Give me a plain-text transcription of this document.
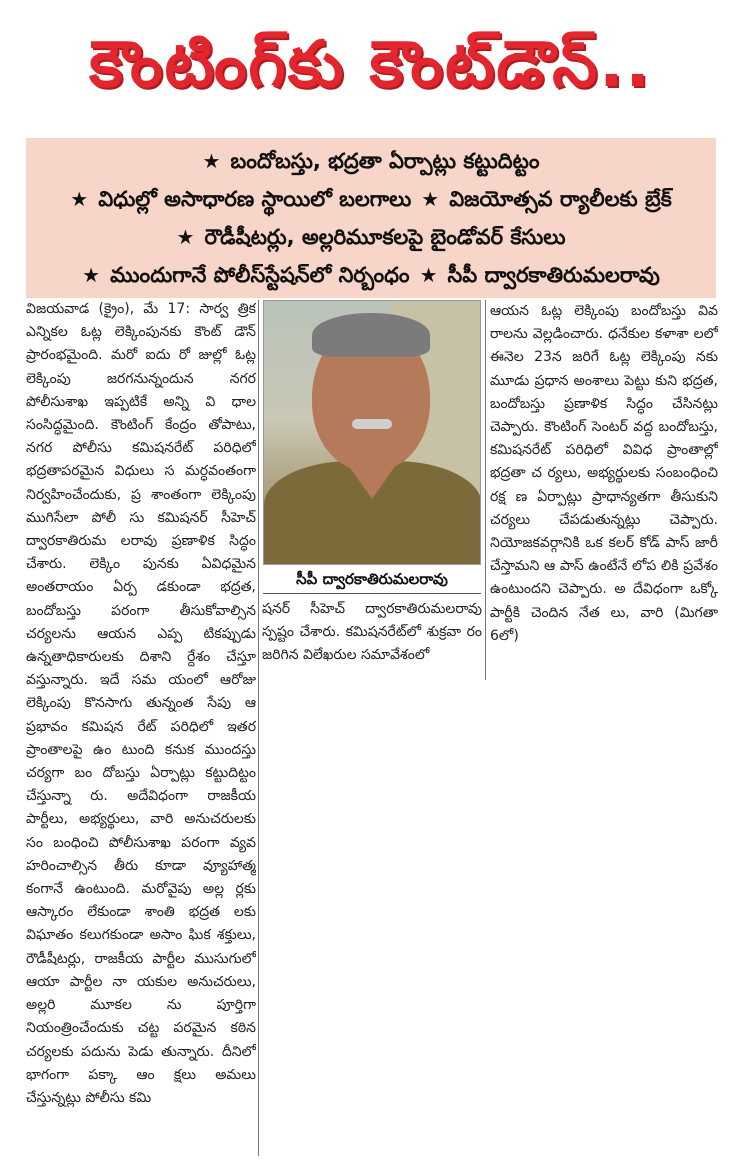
కౌంటింగ్‌కు కౌంట్‌డౌన్..
★ బందోబస్తు, భద్రతా ఏర్పాట్లు కట్టుదిట్టం
★ విధుల్లో అసాధారణ స్థాయిలో బలగాలు ★ విజయోత్సవ ర్యాలీలకు బ్రేక్
★ రౌడీషీటర్లు, అల్లరిమూకలపై బైండోవర్ కేసులు
★ ముందుగానే పోలీస్‌స్టేషన్‌లో నిర్బంధం ★ సీపీ ద్వారకాతిరుమలరావు
విజయవాడ (క్రైం), మే 17: సార్వ త్రిక ఎన్నికల ఓట్ల లెక్కింపునకు కౌంట్ డౌన్ ప్రారంభమైంది. మరో ఐదు రో జుల్లో ఓట్ల లెక్కింపు జరగనున్నందున నగర పోలీసుశాఖ ఇప్పటికే అన్ని వి ధాల సంసిద్ధమైంది. కౌంటింగ్ కేంద్రం తోపాటు, నగర పోలీసు కమిషనరేట్ పరిధిలో భద్రతాపరమైన విధులు స మర్ధవంతంగా నిర్వహించేందుకు, ప్ర శాంతంగా లెక్కింపు ముగిసేలా పోలీ సు కమిషనర్ సీహెచ్ ద్వారకాతిరుమ లరావు ప్రణాళిక సిద్ధం చేశారు. లెక్కిం పునకు ఏవిధమైన అంతరాయం ఏర్ప డకుండా భద్రత, బందోబస్తు పరంగా తీసుకోవాల్సిన చర్యలను ఆయన ఎప్ప టికప్పుడు ఉన్నతాధికారులకు దిశాని ర్దేశం చేస్తూ వస్తున్నారు. ఇదే సమ యంలో ఆరోజు లెక్కింపు కొనసాగు తున్నంత సేపు ఆ ప్రభావం కమిషన రేట్ పరిధిలో ఇతర ప్రాంతాలపై ఉం టుంది కనుక ముందస్తు చర్యగా బం దోబస్తు ఏర్పాట్లు కట్టుదిట్టం చేస్తున్నా రు. అదేవిధంగా రాజకీయ పార్టీలు, అభ్యర్థులు, వారి అనుచరులకు సం బంధించి పోలీసుశాఖ పరంగా వ్యవ హరించాల్సిన తీరు కూడా వ్యూహాత్మ కంగానే ఉంటుంది. మరోవైపు అల్ల ర్లకు ఆస్కారం లేకుండా శాంతి భద్రత లకు విఘాతం కలుగకుండా అసాం ఘిక శక్తులు, రౌడీషీటర్లు, రాజకీయ పార్టీల ముసుగులో ఆయా పార్టీల నా యకుల అనుచరులు, అల్లరి మూకల ను పూర్తిగా నియంత్రించేందుకు చట్ట పరమైన కఠిన చర్యలకు పదును పెడు తున్నారు. దీనిలో భాగంగా పక్కా ఆం క్షలు అమలు చేస్తున్నట్లు పోలీసు కమి
సీపీ ద్వారకాతిరుమలరావు
షనర్ సీహెచ్ ద్వారకాతిరుమలరావు స్పష్టం చేశారు. కమిషనరేట్‌లో శుక్రవా రం జరిగిన విలేఖరుల సమావేశంలో
ఆయన ఓట్ల లెక్కింపు బందోబస్తు వివ రాలను వెల్లడించారు. ధనేకుల కళాశా లలో ఈనెల 23న జరిగే ఓట్ల లెక్కింపు నకు మూడు ప్రధాన అంశాలు పెట్టు కుని భద్రత, బందోబస్తు ప్రణాళిక సిద్ధం చేసినట్లు చెప్పారు. కౌంటింగ్ సెంటర్ వద్ద బందోబస్తు, కమిషనరేట్ పరిధిలో వివిధ ప్రాంతాల్లో భద్రతా చ ర్యలు, అభ్యర్థులకు సంబంధించి రక్ష ణ ఏర్పాట్లు ప్రాధాన్యతగా తీసుకుని చర్యలు చేపడుతున్నట్లు చెప్పారు. నియోజకవర్గానికి ఒక కలర్ కోడ్ పాస్ జారీ చేస్తామని ఆ పాస్ ఉంటేనే లోప లికి ప్రవేశం ఉంటుందని చెప్పారు. అ దేవిధంగా ఒక్కో పార్టీకి చెందిన నేత లు, వారి (మిగతా 6లో)
